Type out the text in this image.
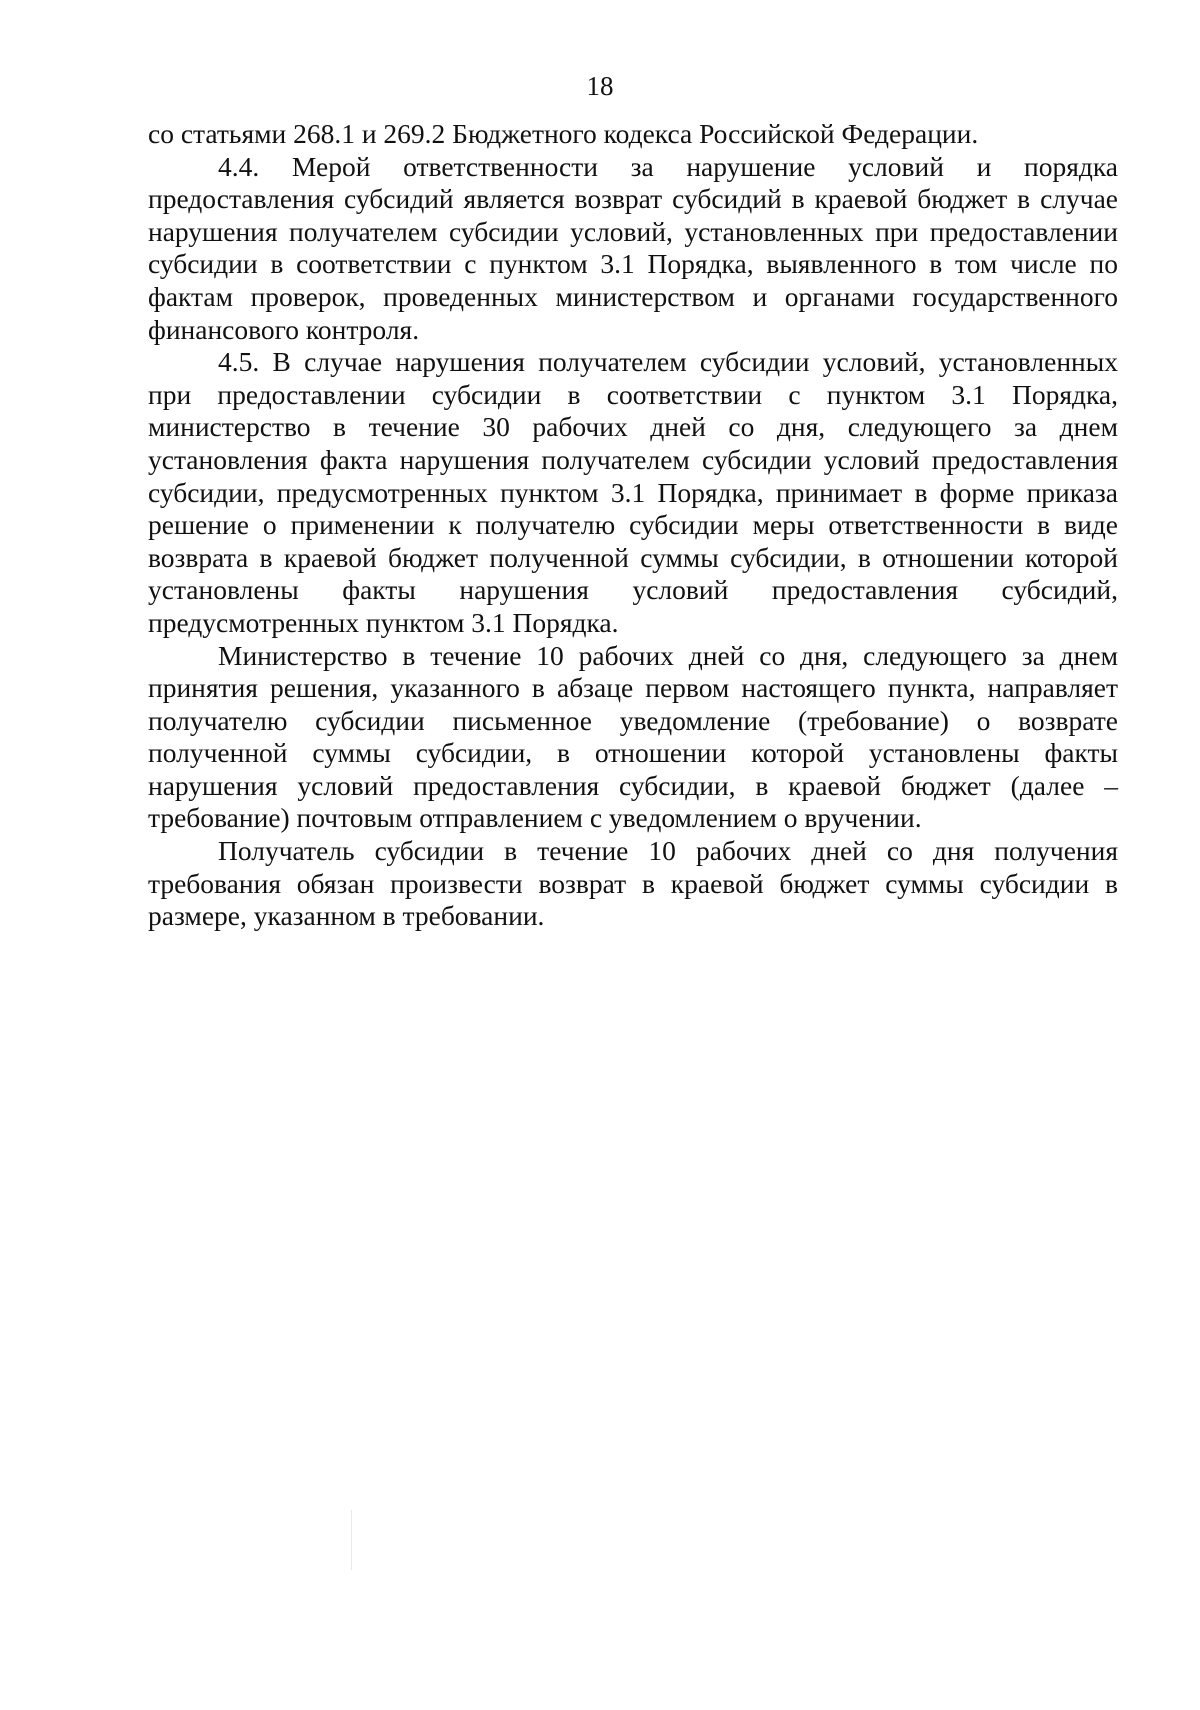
18

со статьями 268.1 и 269.2 Бюджетного кодекса Российской Федерации.

4.4. Мерой ответственности за нарушение условий и порядка предоставления субсидий является возврат субсидий в краевой бюджет в случае нарушения получателем субсидии условий, установленных при предоставлении субсидии в соответствии с пунктом 3.1 Порядка, выявленного в том числе по фактам проверок, проведенных министерством и органами государственного финансового контроля.

4.5. В случае нарушения получателем субсидии условий, установленных при предоставлении субсидии в соответствии с пунктом 3.1 Порядка, министерство в течение 30 рабочих дней со дня, следующего за днем установления факта нарушения получателем субсидии условий предоставления субсидии, предусмотренных пунктом 3.1 Порядка, принимает в форме приказа решение о применении к получателю субсидии меры ответственности в виде возврата в краевой бюджет полученной суммы субсидии, в отношении которой установлены факты нарушения условий предоставления субсидий, предусмотренных пунктом 3.1 Порядка.

Министерство в течение 10 рабочих дней со дня, следующего за днем принятия решения, указанного в абзаце первом настоящего пункта, направляет получателю субсидии письменное уведомление (требование) о возврате полученной суммы субсидии, в отношении которой установлены факты нарушения условий предоставления субсидии, в краевой бюджет (далее – требование) почтовым отправлением с уведомлением о вручении.

Получатель субсидии в течение 10 рабочих дней со дня получения требования обязан произвести возврат в краевой бюджет суммы субсидии в размере, указанном в требовании.
